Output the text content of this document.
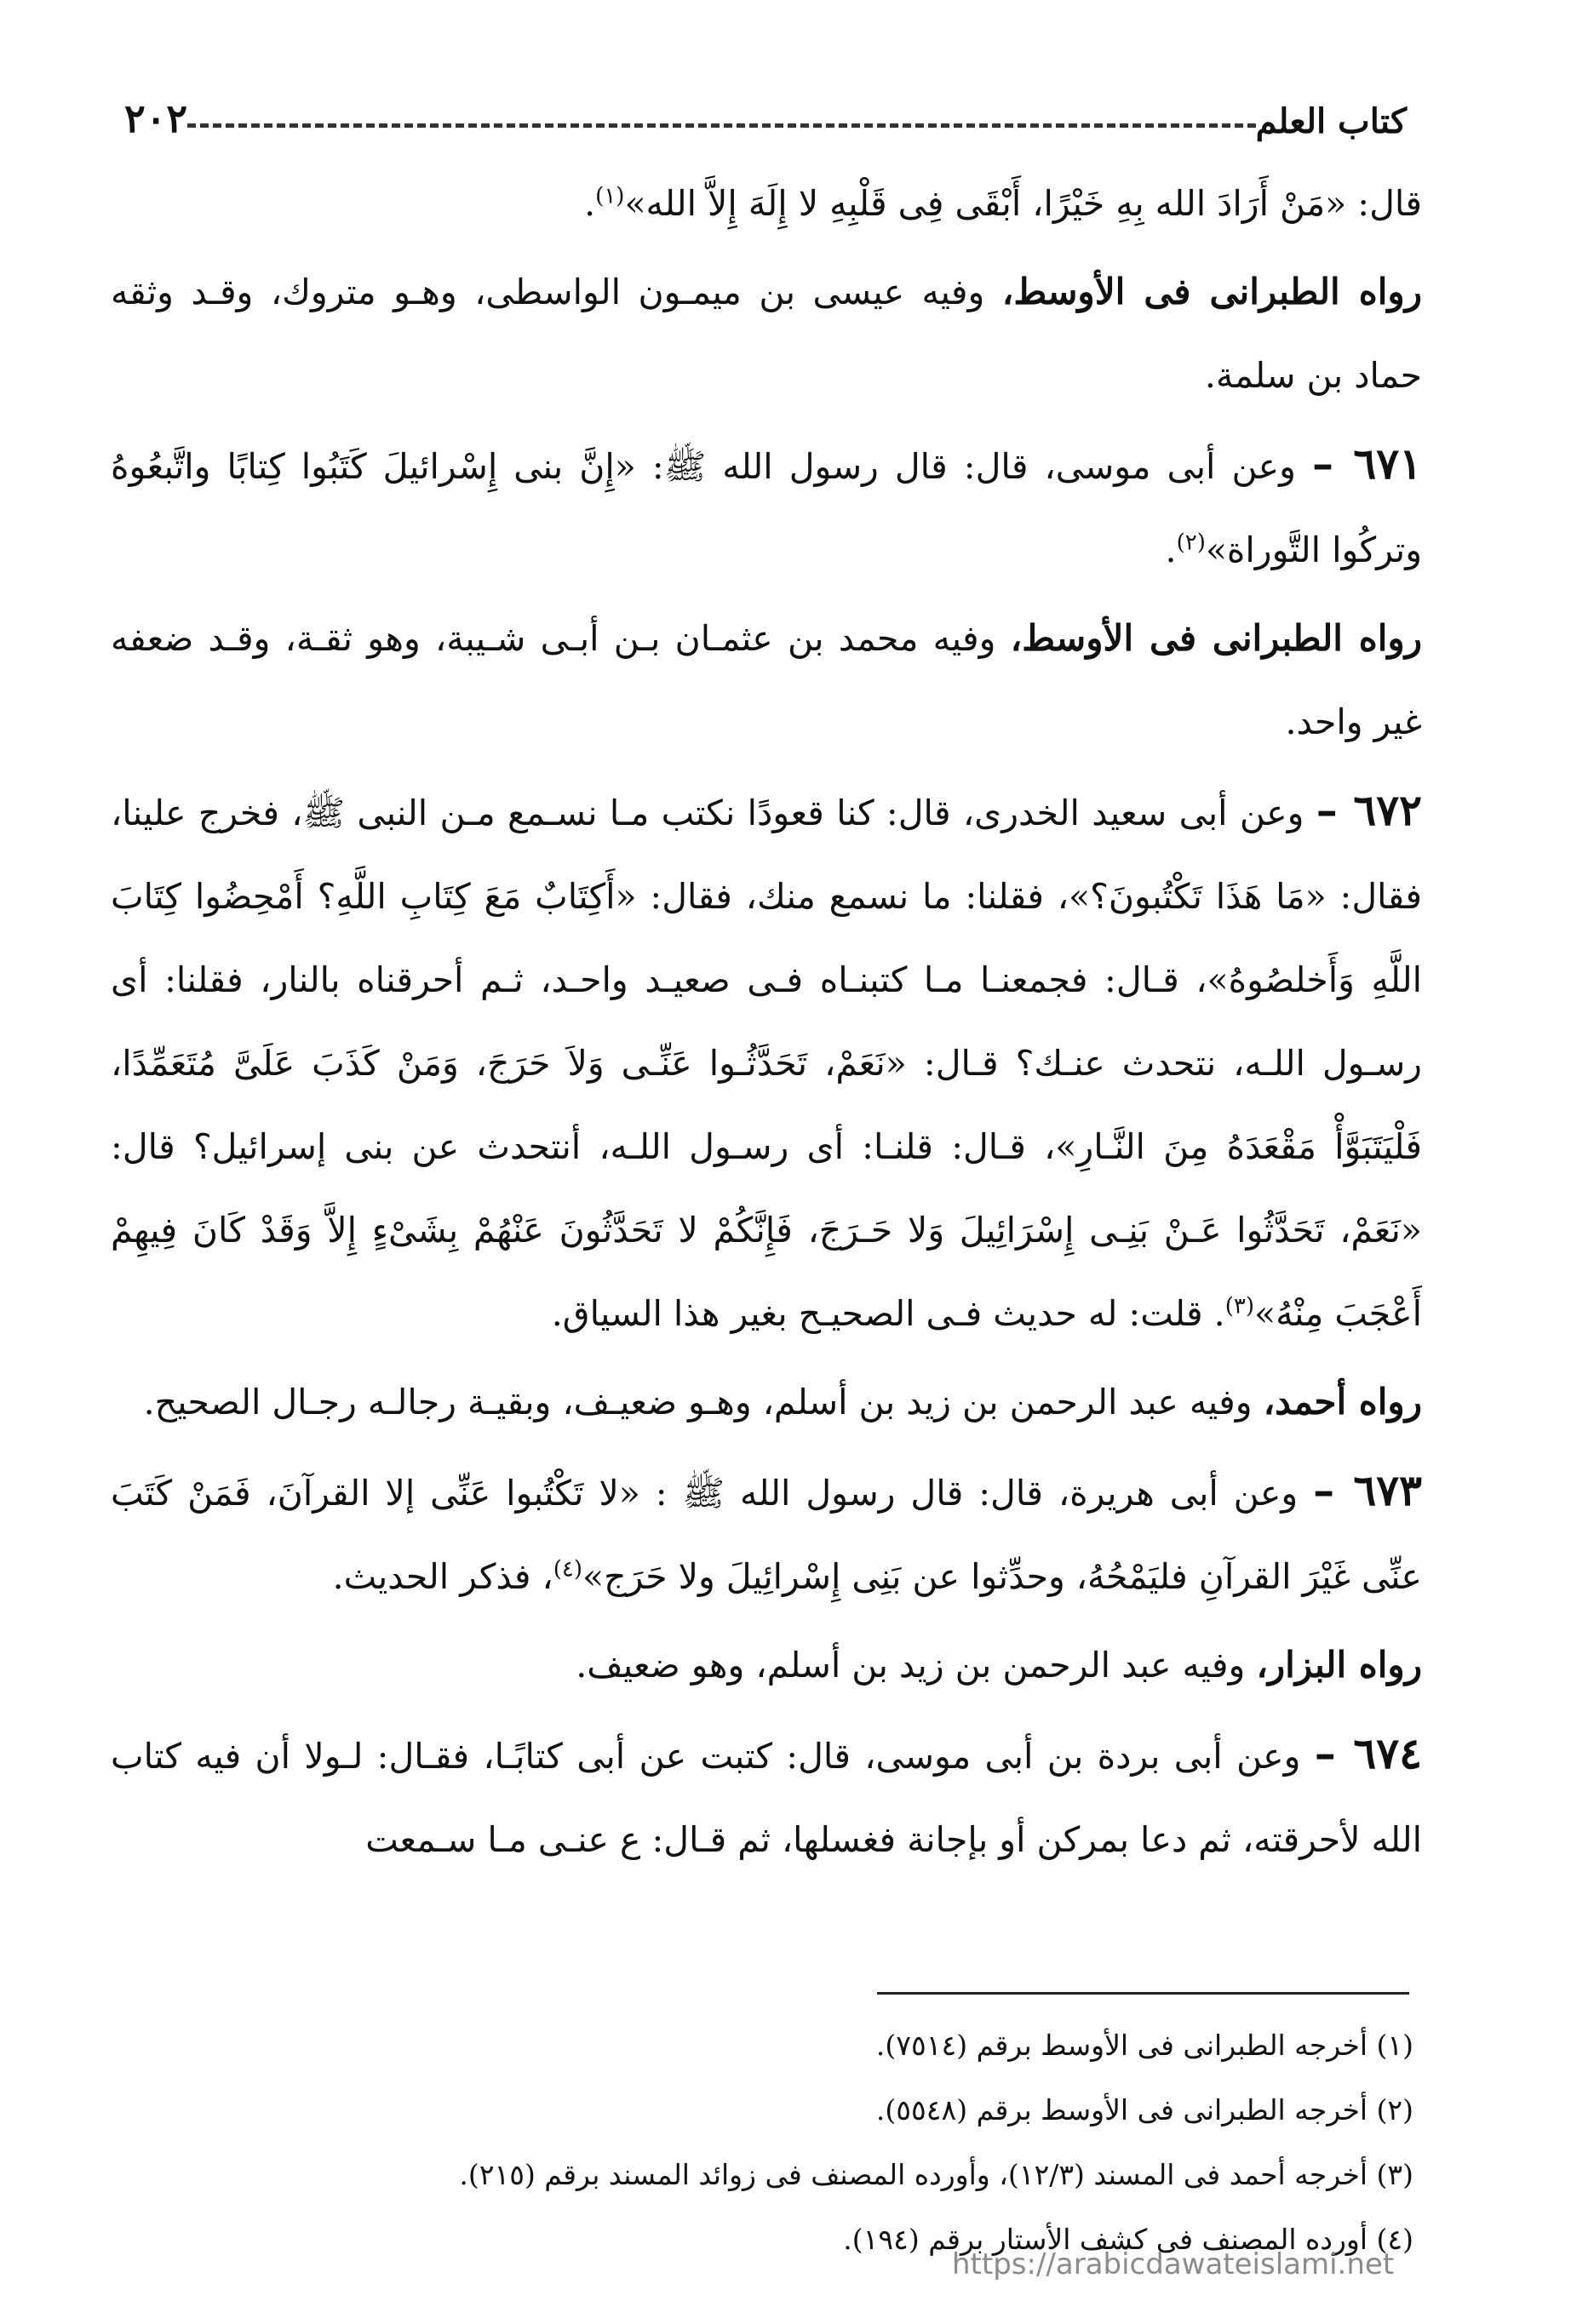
٢٠٢	كتاب العلم

قال: «مَنْ أَرَادَ الله بِهِ خَيْرًا، أَبْقَى فِى قَلْبِهِ لا إِلَهَ إِلاَّ الله»$^{(١)}$.

رواه الطبرانى فى الأوسط، وفيه عيسى بن ميمـون الواسطى، وهـو متروك، وقـد وثقه حماد بن سلمة.

٦٧١ – وعن أبى موسى، قال: قال رسول الله ﷺ: «إِنَّ بنى إِسْرائيلَ كَتَبُوا كِتابًا واتَّبعُوهُ وتركُوا التَّوراة»$^{(٢)}$.

رواه الطبرانى فى الأوسط، وفيه محمد بن عثمـان بـن أبـى شـيبة، وهو ثقـة، وقـد ضعفه غير واحد.

٦٧٢ – وعن أبى سعيد الخدرى، قال: كنا قعودًا نكتب مـا نسـمع مـن النبى ﷺ، فخرج علينا، فقال: «مَا هَذَا تَكْتُبونَ؟»، فقلنا: ما نسمع منك، فقال: «أَكِتَابٌ مَعَ كِتَابِ اللَّهِ؟ أَمْحِضُوا كِتَابَ اللَّهِ وَأَخلصُوهُ»، قـال: فجمعنـا مـا كتبنـاه فـى صعيـد واحـد، ثـم أحرقناه بالنار، فقلنا: أى رسـول اللـه، نتحدث عنـك؟ قـال: «نَعَمْ، تَحَدَّثُـوا عَنِّـى وَلاَ حَرَجَ، وَمَنْ كَذَبَ عَلَىَّ مُتَعَمِّدًا، فَلْيَتَبَوَّأْ مَقْعَدَهُ مِنَ النَّـارِ»، قـال: قلنـا: أى رسـول اللـه، أنتحدث عن بنى إسرائيل؟ قال: «نَعَمْ، تَحَدَّثُوا عَـنْ بَنِـى إِسْرَائِيلَ وَلا حَـرَجَ، فَإِنَّكُمْ لا تَحَدَّثُونَ عَنْهُمْ بِشَىْءٍ إِلاَّ وَقَدْ كَانَ فِيهِمْ أَعْجَبَ مِنْهُ»$^{(٣)}$. قلت: له حديث فـى الصحيـح بغير هذا السياق.

رواه أحمد، وفيه عبد الرحمن بن زيد بن أسلم، وهـو ضعيـف، وبقيـة رجالـه رجـال الصحيح.

٦٧٣ – وعن أبى هريرة، قال: قال رسول الله ﷺ : «لا تَكْتُبوا عَنِّى إلا القرآنَ، فَمَنْ كَتَبَ عنِّى غَيْرَ القرآنِ فليَمْحُهُ، وحدِّثوا عن بَنِى إِسْرائِيلَ ولا حَرَج»$^{(٤)}$، فذكر الحديث.

رواه البزار، وفيه عبد الرحمن بن زيد بن أسلم، وهو ضعيف.

٦٧٤ – وعن أبى بردة بن أبى موسى، قال: كتبت عن أبى كتابًـا، فقـال: لـولا أن فيه كتاب الله لأحرقته، ثم دعا بمركن أو بإجانة فغسلها، ثم قـال: ع عنـى مـا سـمعت

(١) أخرجه الطبرانى فى الأوسط برقم (٧٥١٤).
(٢) أخرجه الطبرانى فى الأوسط برقم (٥٥٤٨).
(٣) أخرجه أحمد فى المسند (١٢/٣)، وأورده المصنف فى زوائد المسند برقم (٢١٥).
(٤) أورده المصنف فى كشف الأستار برقم (١٩٤).
https://arabicdawateislami.net
